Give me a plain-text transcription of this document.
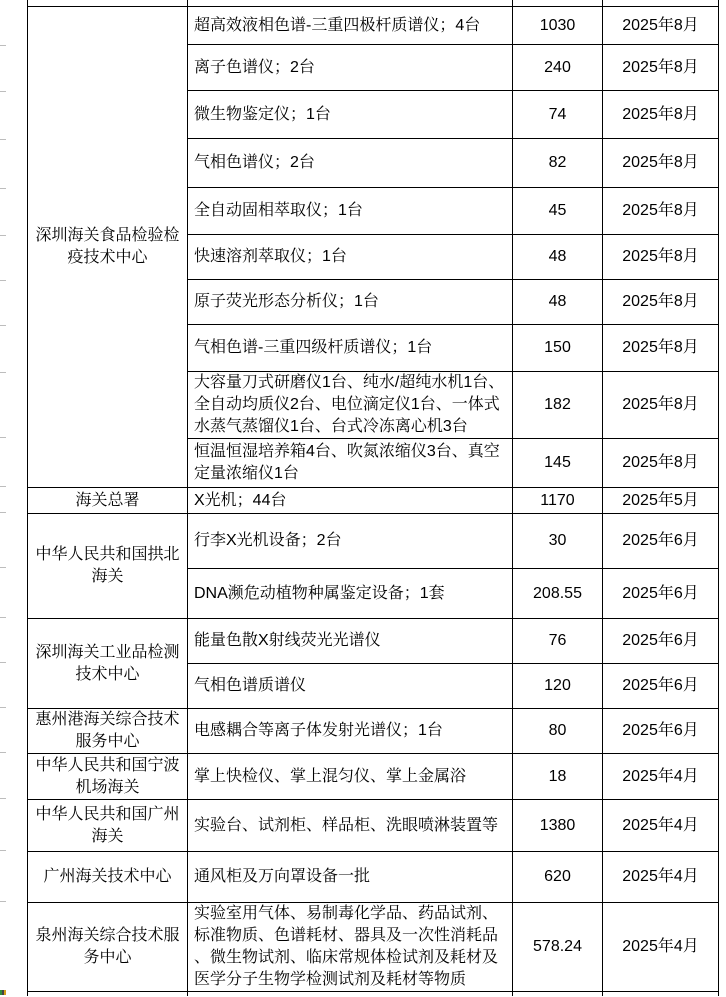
深圳海关食品检验检疫技术中心	超高效液相色谱-三重四极杆质谱仪；4台	1030	2025年8月
	离子色谱仪；2台	240	2025年8月
	微生物鉴定仪；1台	74	2025年8月
	气相色谱仪；2台	82	2025年8月
	全自动固相萃取仪；1台	45	2025年8月
	快速溶剂萃取仪；1台	48	2025年8月
	原子荧光形态分析仪；1台	48	2025年8月
	气相色谱-三重四级杆质谱仪；1台	150	2025年8月
	大容量刀式研磨仪1台、纯水/超纯水机1台、全自动均质仪2台、电位滴定仪1台、一体式水蒸气蒸馏仪1台、台式冷冻离心机3台	182	2025年8月
	恒温恒湿培养箱4台、吹氮浓缩仪3台、真空定量浓缩仪1台	145	2025年8月
海关总署	X光机；44台	1170	2025年5月
中华人民共和国拱北海关	行李X光机设备；2台	30	2025年6月
	DNA濒危动植物种属鉴定设备；1套	208.55	2025年6月
深圳海关工业品检测技术中心	能量色散X射线荧光光谱仪	76	2025年6月
	气相色谱质谱仪	120	2025年6月
惠州港海关综合技术服务中心	电感耦合等离子体发射光谱仪；1台	80	2025年6月
中华人民共和国宁波机场海关	掌上快检仪、掌上混匀仪、掌上金属浴	18	2025年4月
中华人民共和国广州海关	实验台、试剂柜、样品柜、洗眼喷淋装置等	1380	2025年4月
广州海关技术中心	通风柜及万向罩设备一批	620	2025年4月
泉州海关综合技术服务中心	实验室用气体、易制毒化学品、药品试剂、标准物质、色谱耗材、器具及一次性消耗品、微生物试剂、临床常规体检试剂及耗材及医学分子生物学检测试剂及耗材等物质	578.24	2025年4月
